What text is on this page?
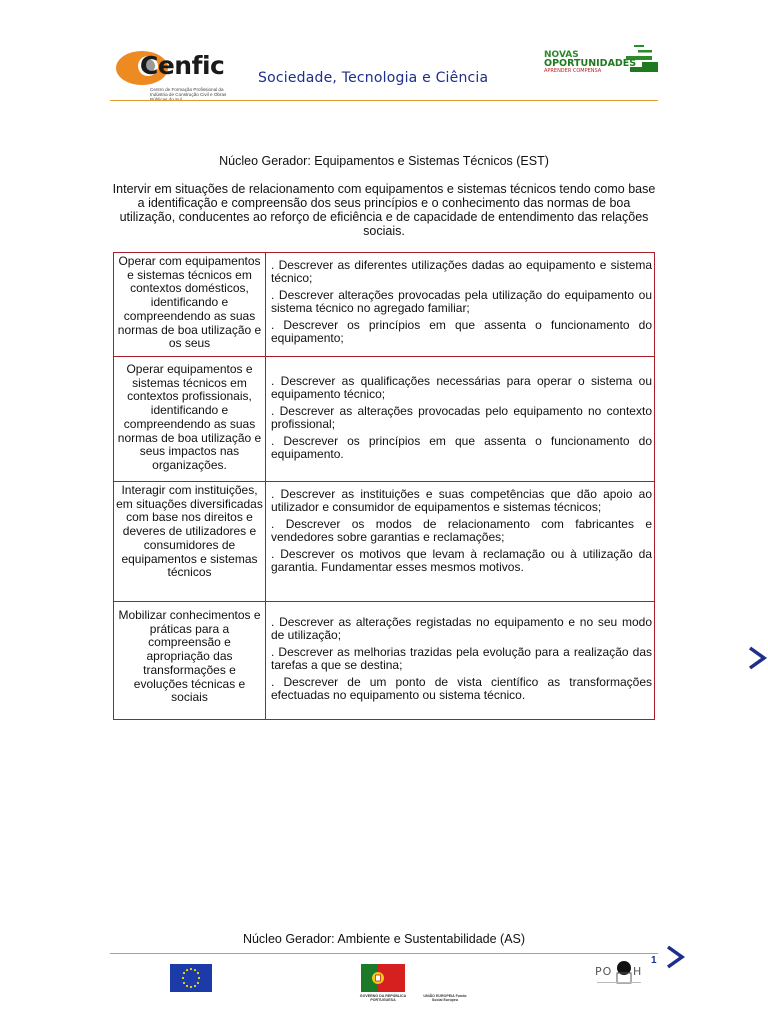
Cenfic
Centro de Formação Profissional da Indústria de Construção Civil e Obras
Sociedade, Tecnologia e Ciência
NOVAS
OPORTUNIDADES
APRENDER COMPENSA
Núcleo Gerador: Equipamentos e Sistemas Técnicos (EST)
Intervir em situações de relacionamento com equipamentos e sistemas técnicos tendo como base a identificação e compreensão dos seus princípios e o conhecimento das normas de boa utilização, conducentes ao reforço de eficiência e de capacidade de entendimento das relações sociais.
Operar com equipamentos e sistemas técnicos em contextos domésticos, identificando e compreendendo as suas normas de boa utilização e os seus	. Descrever as diferentes utilizações dadas ao equipamento e sistema técnico;

. Descrever alterações provocadas pela utilização do equipamento ou sistema técnico no agregado familiar;

. Descrever os princípios em que assenta o funcionamento do equipamento;

Operar equipamentos e sistemas técnicos em contextos profissionais, identificando e compreendendo as suas normas de boa utilização e seus impactos nas organizações.	. Descrever as qualificações necessárias para operar o sistema ou equipamento técnico;

. Descrever as alterações provocadas pelo equipamento no contexto profissional;

. Descrever os princípios em que assenta o funcionamento do equipamento.

Interagir com instituições, em situações diversificadas com base nos direitos e deveres de utilizadores e consumidores de equipamentos e sistemas técnicos	. Descrever as instituições e suas competências que dão apoio ao utilizador e consumidor de equipamentos e sistemas técnicos;

. Descrever os modos de relacionamento com fabricantes e vendedores sobre garantias e reclamações;

. Descrever os motivos que levam à reclamação ou à utilização da garantia. Fundamentar esses mesmos motivos.

Mobilizar conhecimentos e práticas para a compreensão e apropriação das transformações e evoluções técnicas e sociais	. Descrever as alterações registadas no equipamento e no seu modo de utilização;

. Descrever as melhorias trazidas pela evolução para a realização das tarefas a que se destina;

. Descrever de um ponto de vista científico as transformações efectuadas no equipamento ou sistema técnico.

Núcleo Gerador: Ambiente e Sustentabilidade (AS)
1
GOVERNO DA REPÚBLICA PORTUGUESA
UNIÃO EUROPEIA Fundo Social Europeu
PO H
